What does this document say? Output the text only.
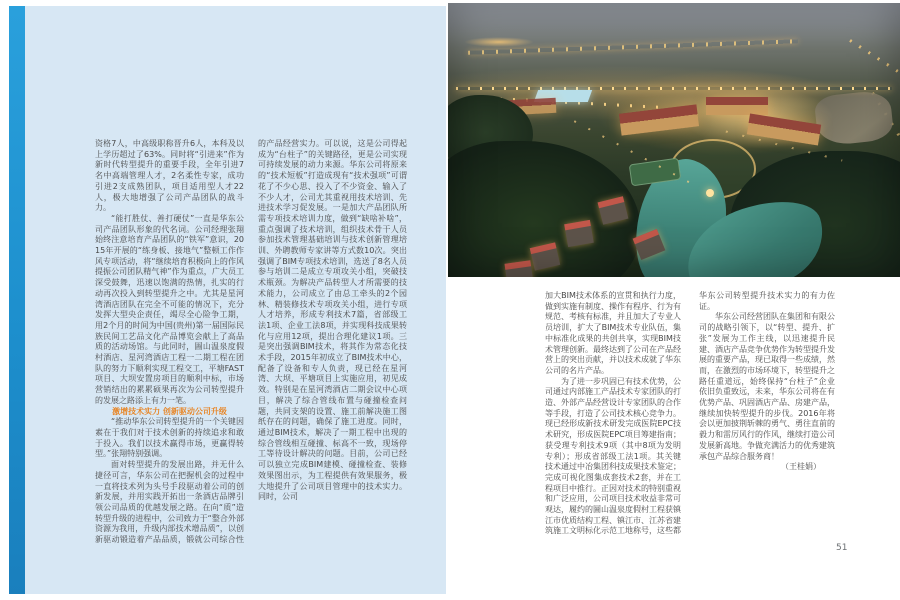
资格7人，中高级职称晋升6人，本科及以上学历超过了63%。同时将“引进来”作为新时代转型提升的重要手段，全年引进7名中高端管理人才，2名柔性专家，成功引进2支成熟团队，项目适用型人才22人，极大地增强了公司产品团队的战斗力。

“能打胜仗、善打硬仗”一直是华东公司产品团队形象的代名词。公司经理张翔始终注意培育产品团队的“铁军”意识，2015年开展的“练身板、接地气”整顿工作作风专项活动，将“继续培育积极向上的作风 提振公司团队精气神”作为重点，广大员工深受鼓舞，迅速以饱满的热情，扎实的行动再次投入到转型提升之中。尤其是星河湾酒店团队在完全不可能的情况下，充分发挥大型央企责任，竭尽全心险争工期，用2个月的时间为中国(贵州)第一届国际民族民间工艺品文化产品博览会献上了高品质的活动场馆。与此同时，圌山温泉度假村酒店、星河湾酒店工程一二期工程在团队的努力下顺利实现工程交工，平塘FAST项目、大坝安置房项目的顺利中标，市场营销结出的累累硕果再次为公司转型提升的发展之路添上有力一笔。

激增技术实力 创新驱动公司升级

“推动华东公司转型提升的一个关键因素在于我们对于技术创新的持续追求和敢于投入。我们以技术赢得市场，更赢得转型。”张翔特别强调。

面对转型提升的发展出路，并无什么捷径可言，华东公司在把握机会的过程中一直将技术列为头号手段驱动着公司的创新发展，并用实践开拓出一条酒店品牌引领公司品质的优越发展之路。在向“质”造转型升级的进程中，公司致力于“整合外部资源为我用，升级内部技术增品质”，以创新驱动锻造着产品品质，锻就公司综合性的产品经营实力。可以说，这是公司得起成为“台柱子”的关键路径，更是公司实现可持续发展的动力来源。华东公司将原来的“技术短板”打造成现有“技术强项”可谓花了不少心思、投入了不少资金、输入了不少人才，公司尤其重视用技术培训、先进技术学习促发展。一是加大产品团队所需专项技术培训力度，做到“缺啥补啥”，重点强调了技术培训，组织技术骨干人员参加技术管理基础培训与技术创新管理培训、外聘教师专家讲等方式数10次。突出强调了BIM专项技术培训，选送了8名人员参与培训二是成立专项攻关小组，突破技术瓶颈。为解决产品转型人才所需要的技术能力，公司成立了由总工牵头的2个园林、精装修技术专项攻关小组，进行专项人才培养，形成专利技术7篇，省部级工法1项、企业工法8项，并实现科技成果转化与应用12项，提出合理化建议1项。三是突出强调BIM技术，将其作为常态化技术手段，2015年初成立了BIM技术中心，配备了设备和专人负责，现已经在星河湾、大坝、平塘项目上实施应用，初见成效。特别是在星河湾酒店二期会议中心项目，解决了综合管线布置与碰撞检查问题，共同支架的设置、施工前解决施工图纸存在的问题，确保了施工进度。同时，通过BIM技术，解决了一期工程中出现的综合管线相互碰撞、标高不一致，现场停工等待设计解决的问题。目前，公司已经可以独立完成BIM建模、碰撞检查、装修效果图出示，为工程提供有效果服务，极大地提升了公司项目管理中的技术实力。同时，公司

加大BIM技术体系的宣贯和执行力度，做到实施有制度、操作有程序、行为有规范、考核有标准，并且加大了专业人员培训，扩大了BIM技术专业队伍，集中标准化成果的共创共享，实现BIM技术管理创新。最终达到了公司在产品经营上的突出贡献，并以技术成就了华东公司的名片产品。

为了进一步巩固已有技术优势，公司通过内部施工产品技术专家团队的打造、外部产品经营设计专家团队的合作等手段，打造了公司技术核心竞争力。现已经形成新技术研发完成医院EPC技术研究，形成医院EPC项目筹建指南；获受理专利技术9项（其中8项为发明专利）；形成省部级工法1项。其关键技术通过中冶集团科技成果技术鉴定；完成可视化图集成套技术2套，并在工程项目中推行。正因对技术的特别重视和广泛应用，公司项目技术收益非常可观达，履约的圌山温泉度假村工程获镇江市优质结构工程、镇江市、江苏省建筑施工文明标化示范工地称号，这些都华东公司转型提升技术实力的有力佐证。

华东公司经营团队在集团和有限公司的战略引领下，以“转型、提升、扩张”发展为工作主线，以迅速提升民建、酒店产品竞争优势作为转型提升发展的重要产品，现已取得一些成绩，然而，在激烈的市场环境下，转型提升之路任重道远，始终保持“台柱子”企业依旧负重致远，未来，华东公司将在有优势产品、巩固酒店产品、房建产品，继续加快转型提升的步伐。2016年将会以更加披荆斩棘的勇气、勇往直前的毅力和雷厉风行的作风，继续打造公司发展新高地。争做充满活力的优秀建筑承包产品综合服务商！

（王桂娟）

51
